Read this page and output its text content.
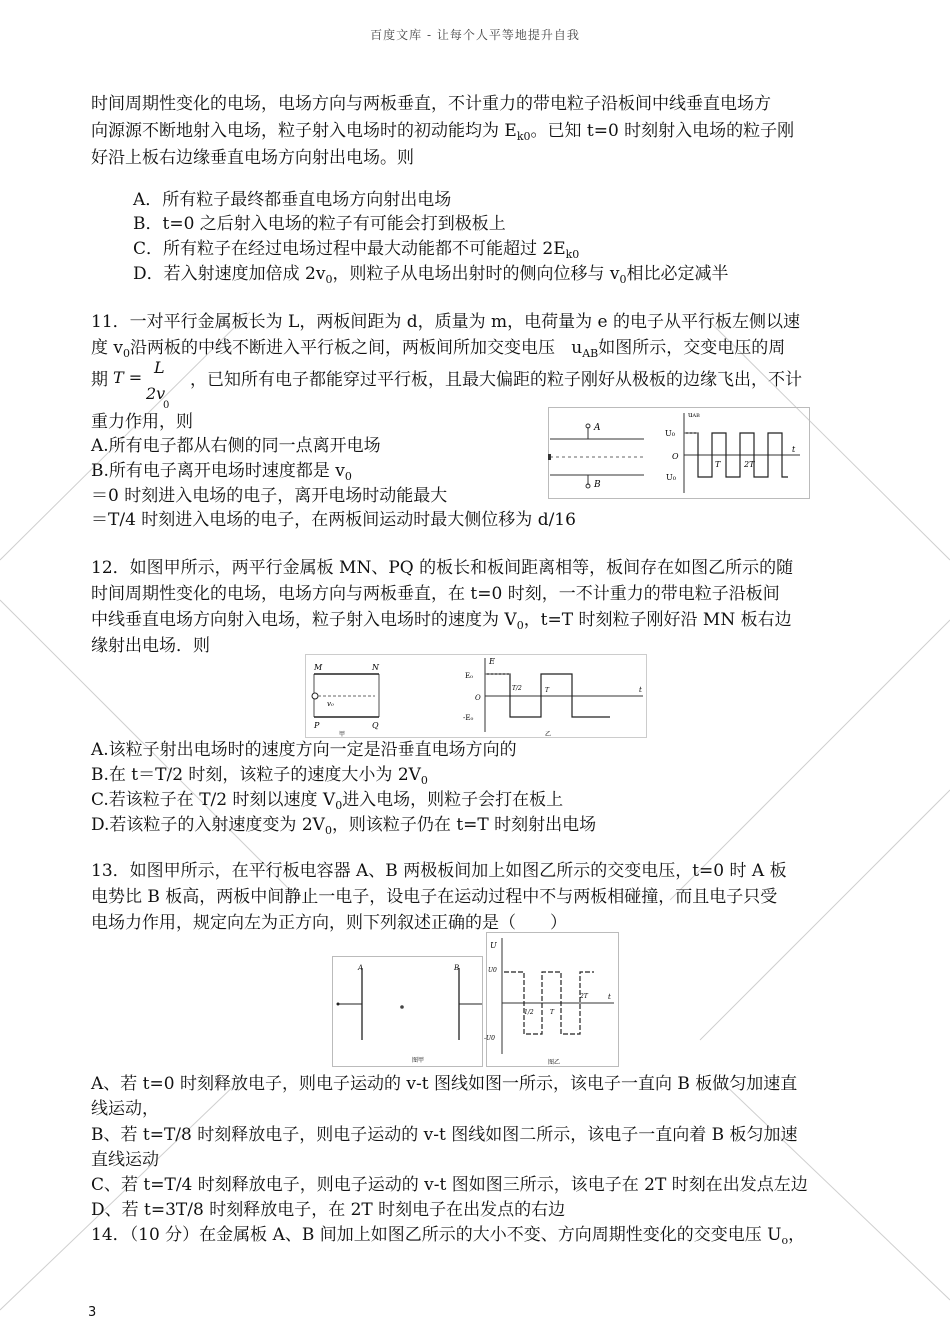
百度文库 - 让每个人平等地提升自我
时间周期性变化的电场，电场方向与两板垂直，不计重力的带电粒子沿板间中线垂直电场方
向源源不断地射入电场，粒子射入电场时的初动能均为 $E_{k0}$。已知 t=0 时刻射入电场的粒子刚
好沿上板右边缘垂直电场方向射出电场。则
A．所有粒子最终都垂直电场方向射出电场
B．t=0 之后射入电场的粒子有可能会打到极板上
C．所有粒子在经过电场过程中最大动能都不可能超过 $2E_{k0}$
D．若入射速度加倍成 $2v_0$，则粒子从电场出射时的侧向位移与 $v_0$相比必定减半
11．一对平行金属板长为 L，两板间距为 d，质量为 m，电荷量为 e 的电子从平行板左侧以速
度 $v_0$沿两板的中线不断进入平行板之间，两板间所加交变电压 $u_{AB}$如图所示，交变电压的周
期 T =
L
2v
0
，已知所有电子都能穿过平行板，且最大偏距的粒子刚好从极板的边缘飞出，不计
重力作用，则
A.所有电子都从右侧的同一点离开电场
B.所有电子离开电场时速度都是 $v_0$
＝0 时刻进入电场的电子，离开电场时动能最大
＝T/4 时刻进入电场的电子，在两板间运动时最大侧位移为 d/16
A
B
uAB
U₀
O
U₀
t
T	2T
12．如图甲所示，两平行金属板 MN、PQ 的板长和板间距离相等，板间存在如图乙所示的随
时间周期性变化的电场，电场方向与两板垂直，在 t=0 时刻，一不计重力的带电粒子沿板间
中线垂直电场方向射入电场，粒子射入电场时的速度为 $V_0$，t=T 时刻粒子刚好沿 MN 板右边
缘射出电场．则
M	N
v₀
P	Q
甲
E
E₀
O
-E₀
t
T/2	T
乙
A.该粒子射出电场时的速度方向一定是沿垂直电场方向的
B.在 t＝T/2 时刻，该粒子的速度大小为 $2V_0$
C.若该粒子在 T/2 时刻以速度 $V_0$进入电场，则粒子会打在板上
D.若该粒子的入射速度变为 $2V_0$，则该粒子仍在 t=T 时刻射出电场
13．如图甲所示，在平行板电容器 A、B 两极板间加上如图乙所示的交变电压，t=0 时 A 板
电势比 B 板高，两板中间静止一电子，设电子在运动过程中不与两板相碰撞，而且电子只受
电场力作用，规定向左为正方向，则下列叙述正确的是（　　）
A	B
图甲
U
U0
-U0
t
1/2	T
2T
图乙
A、若 t=0 时刻释放电子，则电子运动的 v-t 图线如图一所示，该电子一直向 B 板做匀加速直
线运动，
B、若 t=T/8 时刻释放电子，则电子运动的 v-t 图线如图二所示，该电子一直向着 B 板匀加速
直线运动
C、若 t=T/4 时刻释放电子，则电子运动的 v-t 图如图三所示，该电子在 2T 时刻在出发点左边
D、若 t=3T/8 时刻释放电子，在 2T 时刻电子在出发点的右边
14．（10 分）在金属板 A、B 间加上如图乙所示的大小不变、方向周期性变化的交变电压 $U_o$，
3
